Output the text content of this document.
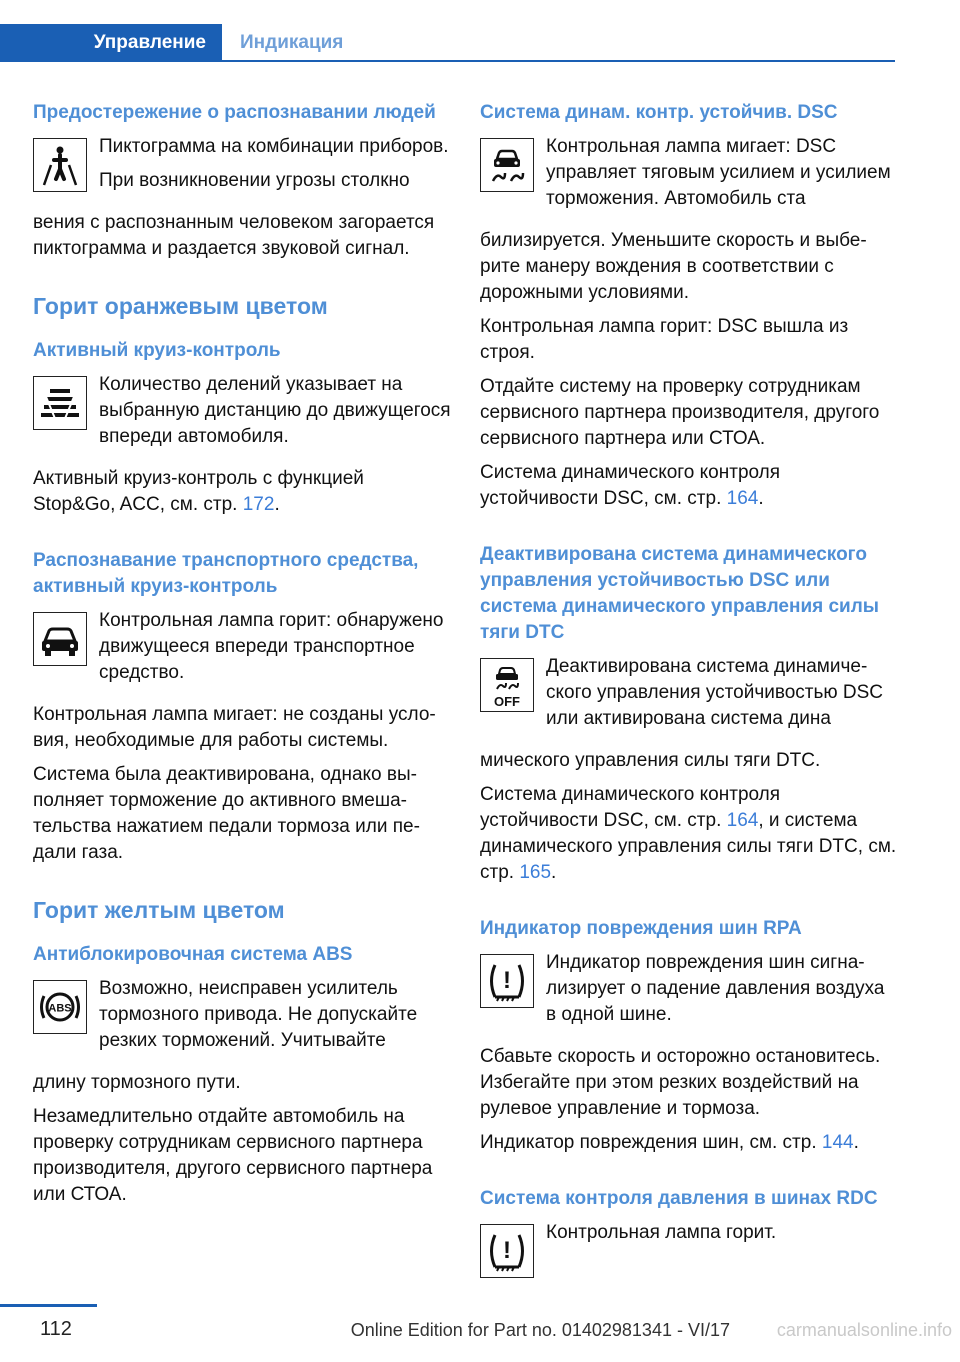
Управление	Индикация
Предостережение о распознавании людей

Пиктограмма на комбинации приборов.

При возникновении угрозы столкно

вения с распознанным человеком загорается пиктограмма и раздается звуковой сигнал.

Горит оранжевым цветом
Активный круиз-контроль

Количество делений указывает на выбранную дистанцию до движущегося впереди автомобиля.

Активный круиз-контроль с функцией Stop&Go, ACC, см. стр. 172.

Распознавание транспортного средства, активный круиз-контроль

Контрольная лампа горит: обнаружено движущееся впереди транспортное средство.

Контрольная лампа мигает: не созданы условия, необходимые для работы системы.

Система была деактивирована, однако выполняет торможение до активного вмешательства нажатием педали тормоза или педали газа.

Горит желтым цветом
Антиблокировочная система ABS
ABS

Возможно, неисправен усилитель тормозного привода. Не допускайте резких торможений. Учитывайте

длину тормозного пути.

Незамедлительно отдайте автомобиль на проверку сотрудникам сервисного партнера производителя, другого сервисного партнера или СТОА.

Система динам. контр. устойчив. DSC

Контрольная лампа мигает: DSC управляет тяговым усилием и усилием торможения. Автомобиль ста

билизируется. Уменьшите скорость и выберите манеру вождения в соответствии с дорожными условиями.

Контрольная лампа горит: DSC вышла из строя.

Отдайте систему на проверку сотрудникам сервисного партнера производителя, другого сервисного партнера или СТОА.

Система динамического контроля устойчивости DSC, см. стр. 164.

Деактивирована система динамического управления устойчивостью DSC или система динамического управления силы тяги DTC
OFF

Деактивирована система динамического управления устойчивостью DSC или активирована система дина

мического управления силы тяги DTC.

Система динамического контроля устойчивости DSC, см. стр. 164, и система динамического управления силы тяги DTC, см. стр. 165.

Индикатор повреждения шин RPA
!

Индикатор повреждения шин сигнализирует о падение давления воздуха в одной шине.

Сбавьте скорость и осторожно остановитесь. Избегайте при этом резких воздействий на рулевое управление и тормоза.

Индикатор повреждения шин, см. стр. 144.

Система контроля давления в шинах RDC
!

Контрольная лампа горит.

112	Online Edition for Part no. 01402981341 - VI/17	carmanualsonline.info
